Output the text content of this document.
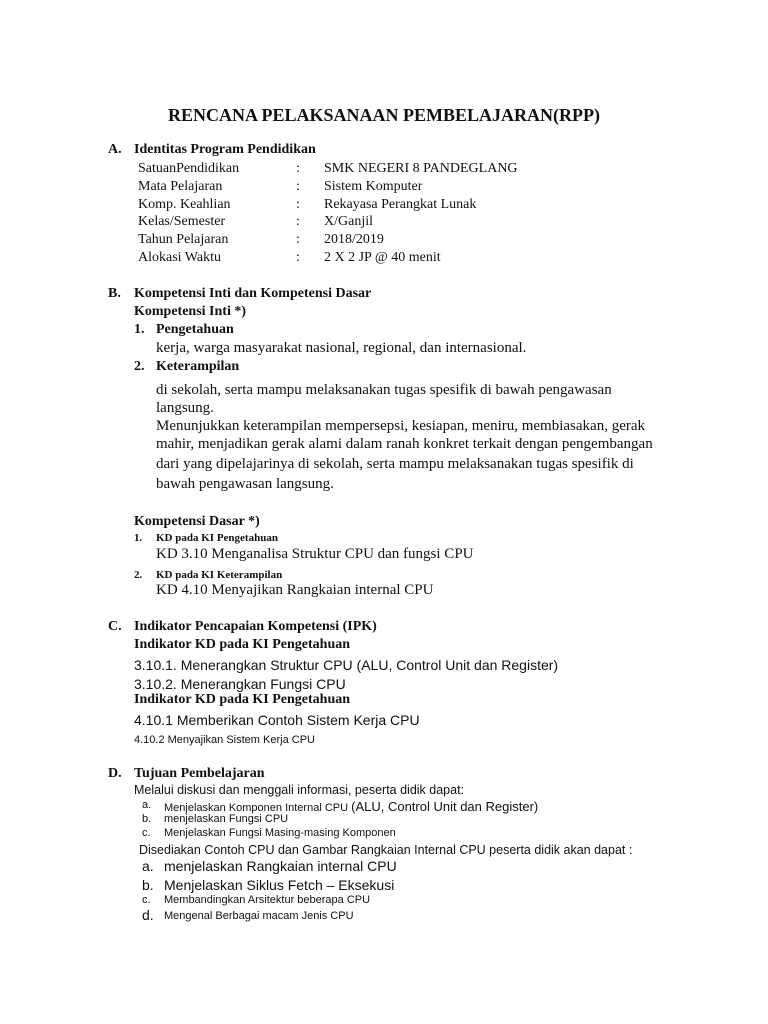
RENCANA PELAKSANAAN PEMBELAJARAN(RPP)
A. Identitas Program Pendidikan
SatuanPendidikan	: SMK NEGERI 8 PANDEGLANG
Mata Pelajaran	: Sistem Komputer
Komp. Keahlian	: Rekayasa Perangkat Lunak
Kelas/Semester	: X/Ganjil
Tahun Pelajaran	: 2018/2019
Alokasi Waktu	: 2 X 2 JP @ 40 menit
B. Kompetensi Inti dan Kompetensi Dasar
Kompetensi Inti *)
1. Pengetahuan
kerja, warga masyarakat nasional, regional, dan internasional.
2. Keterampilan
di sekolah, serta mampu melaksanakan tugas spesifik di bawah pengawasan
langsung.
Menunjukkan keterampilan mempersepsi, kesiapan, meniru, membiasakan, gerak
mahir, menjadikan gerak alami dalam ranah konkret terkait dengan pengembangan
dari yang dipelajarinya di sekolah, serta mampu melaksanakan tugas spesifik di
bawah pengawasan langsung.
Kompetensi Dasar *)
1. KD pada KI Pengetahuan
KD 3.10 Menganalisa Struktur CPU dan fungsi CPU
2. KD pada KI Keterampilan
KD 4.10 Menyajikan Rangkaian internal CPU
C. Indikator Pencapaian Kompetensi (IPK)
Indikator KD pada KI Pengetahuan
3.10.1. Menerangkan Struktur CPU (ALU, Control Unit dan Register)
3.10.2. Menerangkan Fungsi CPU
Indikator KD pada KI Pengetahuan
4.10.1 Memberikan Contoh Sistem Kerja CPU
4.10.2 Menyajikan Sistem Kerja CPU
D. Tujuan Pembelajaran
Melalui diskusi dan menggali informasi, peserta didik dapat:
a. Menjelaskan Komponen Internal CPU (ALU, Control Unit dan Register)
b. menjelaskan Fungsi CPU
c. Menjelaskan Fungsi Masing-masing Komponen
Disediakan Contoh CPU dan Gambar Rangkaian Internal CPU peserta didik akan dapat :
a. menjelaskan Rangkaian internal CPU
b. Menjelaskan Siklus Fetch – Eksekusi
c. Membandingkan Arsitektur beberapa CPU
d. Mengenal Berbagai macam Jenis CPU
